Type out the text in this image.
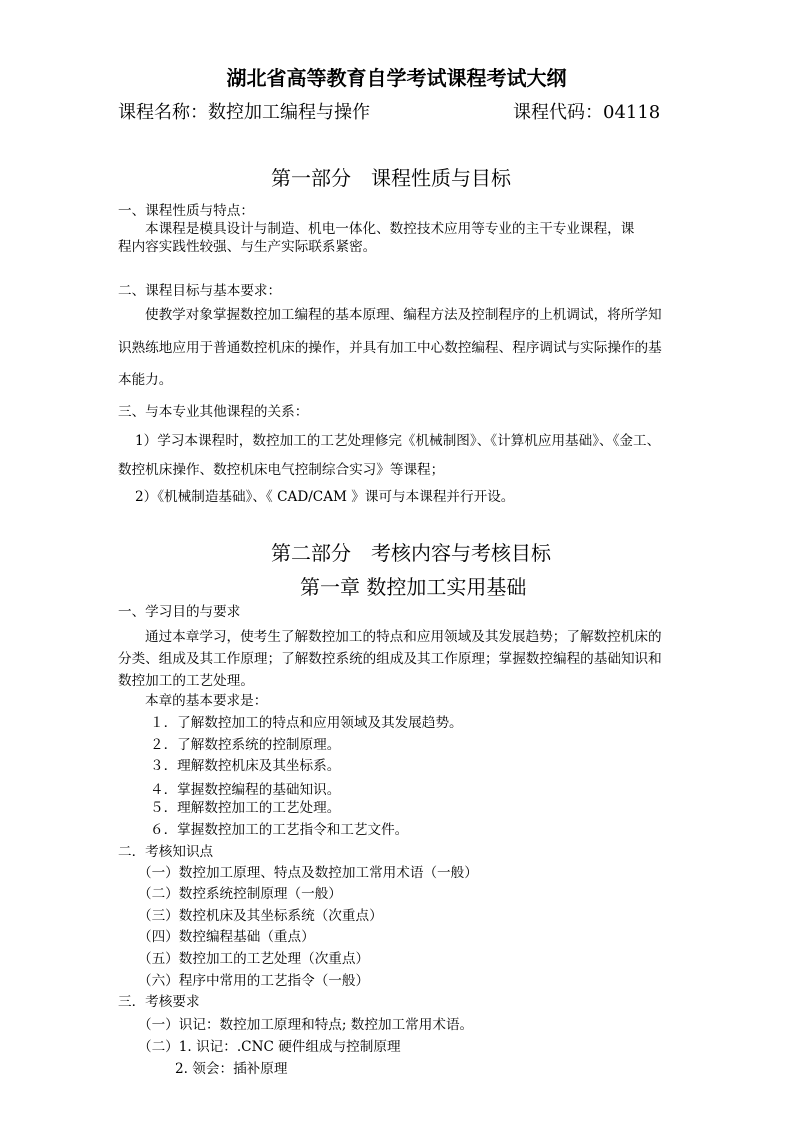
湖北省高等教育自学考试课程考试大纲
课程名称：数控加工编程与操作	课程代码：04118
第一部分　课程性质与目标
一、课程性质与特点：
本课程是模具设计与制造、机电一体化、数控技术应用等专业的主干专业课程，课
程内容实践性较强、与生产实际联系紧密。
二、课程目标与基本要求：
使教学对象掌握数控加工编程的基本原理、编程方法及控制程序的上机调试，将所学知
识熟练地应用于普通数控机床的操作，并具有加工中心数控编程、程序调试与实际操作的基
本能力。
三、与本专业其他课程的关系：
1）学习本课程时，数控加工的工艺处理修完《机械制图》、《计算机应用基础》、《金工、
数控机床操作、数控机床电气控制综合实习》等课程；
2）《机械制造基础》、《 CAD/CAM 》课可与本课程并行开设。
第二部分　考核内容与考核目标
第一章 数控加工实用基础
一、学习目的与要求
通过本章学习，使考生了解数控加工的特点和应用领域及其发展趋势；了解数控机床的
分类、组成及其工作原理；了解数控系统的组成及其工作原理；掌握数控编程的基础知识和
数控加工的工艺处理。
本章的基本要求是：
１．了解数控加工的特点和应用领域及其发展趋势。
２．了解数控系统的控制原理。
３．理解数控机床及其坐标系。
４．掌握数控编程的基础知识。
５．理解数控加工的工艺处理。
６．掌握数控加工的工艺指令和工艺文件。
二．考核知识点
（一）数控加工原理、特点及数控加工常用术语（一般）
（二）数控系统控制原理（一般）
（三）数控机床及其坐标系统（次重点）
（四）数控编程基础（重点）
（五）数控加工的工艺处理（次重点）
（六）程序中常用的工艺指令（一般）
三．考核要求
（一）识记：数控加工原理和特点; 数控加工常用术语。
（二）1. 识记：.CNC 硬件组成与控制原理
2. 领会：插补原理
